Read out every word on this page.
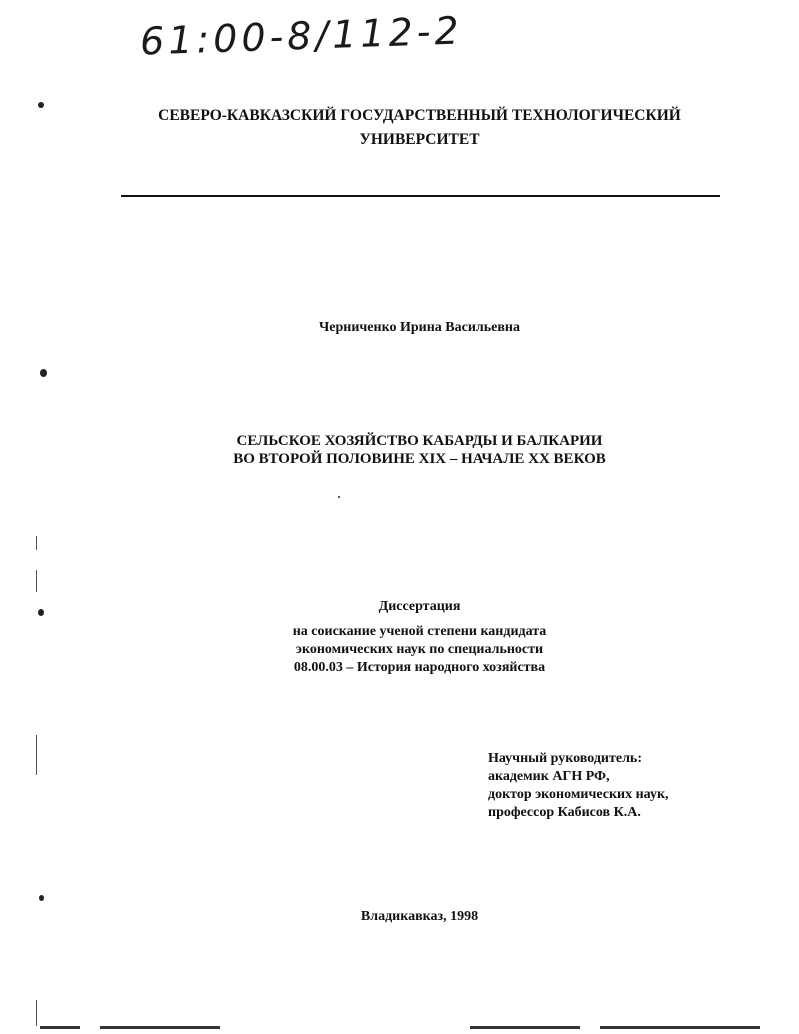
61:00-8/112-2
СЕВЕРО-КАВКАЗСКИЙ ГОСУДАРСТВЕННЫЙ ТЕХНОЛОГИЧЕСКИЙ
УНИВЕРСИТЕТ
Черниченко Ирина Васильевна
СЕЛЬСКОЕ ХОЗЯЙСТВО КАБАРДЫ И БАЛКАРИИ
ВО ВТОРОЙ ПОЛОВИНЕ XIX – НАЧАЛЕ XX ВЕКОВ
Диссертация
на соискание ученой степени кандидата
экономических наук по специальности
08.00.03 – История народного хозяйства
Научный руководитель:
академик АГН РФ,
доктор экономических наук,
профессор Кабисов К.А.
Владикавказ, 1998
